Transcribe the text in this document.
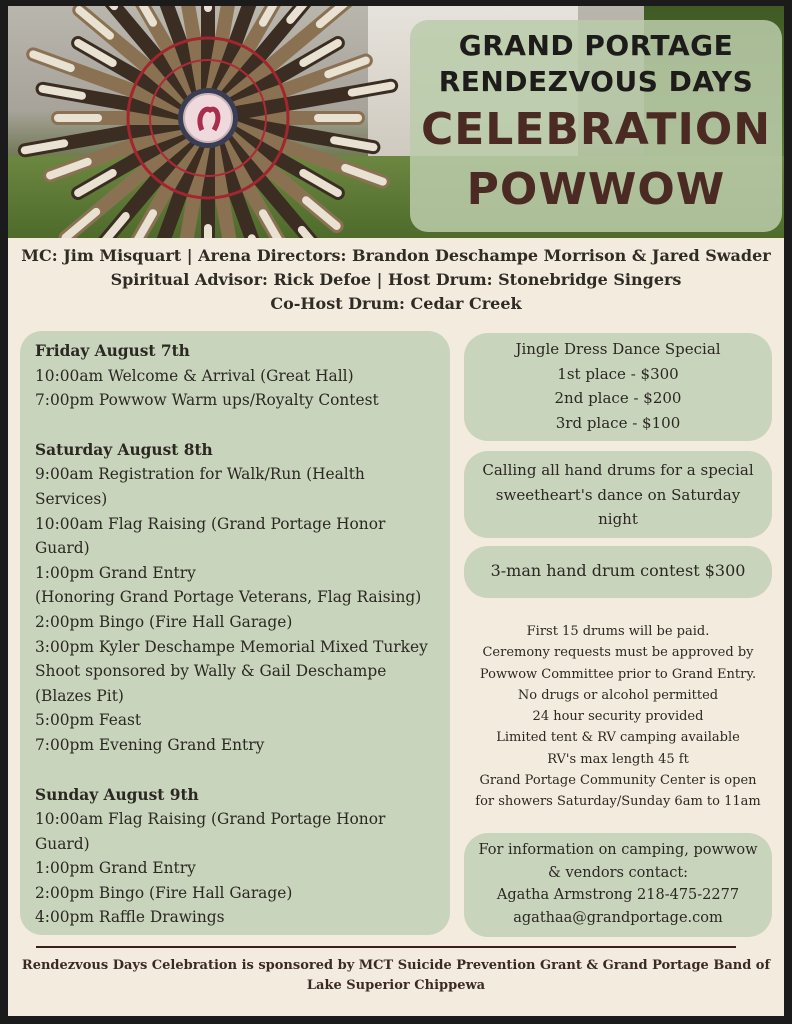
GRAND PORTAGE
RENDEZVOUS DAYS
CELEBRATION
POWWOW
MC: Jim Misquart | Arena Directors: Brandon Deschampe Morrison & Jared Swader
Spiritual Advisor: Rick Defoe | Host Drum: Stonebridge Singers
Co-Host Drum: Cedar Creek
Friday August 7th
10:00am Welcome & Arrival (Great Hall)
7:00pm Powwow Warm ups/Royalty Contest
Saturday August 8th
9:00am Registration for Walk/Run (Health Services)
10:00am Flag Raising (Grand Portage Honor Guard)
1:00pm Grand Entry
(Honoring Grand Portage Veterans, Flag Raising)
2:00pm Bingo (Fire Hall Garage)
3:00pm Kyler Deschampe Memorial Mixed Turkey Shoot sponsored by Wally & Gail Deschampe (Blazes Pit)
5:00pm Feast
7:00pm Evening Grand Entry
Sunday August 9th
10:00am Flag Raising (Grand Portage Honor Guard)
1:00pm Grand Entry
2:00pm Bingo (Fire Hall Garage)
4:00pm Raffle Drawings
Jingle Dress Dance Special
1st place - $300
2nd place - $200
3rd place - $100
Calling all hand drums for a special sweetheart's dance on Saturday night
3-man hand drum contest $300
First 15 drums will be paid.
Ceremony requests must be approved by
Powwow Committee prior to Grand Entry.
No drugs or alcohol permitted
24 hour security provided
Limited tent & RV camping available
RV's max length 45 ft
Grand Portage Community Center is open
for showers Saturday/Sunday 6am to 11am
For information on camping, powwow
& vendors contact:
Agatha Armstrong 218-475-2277
agathaa@grandportage.com
Rendezvous Days Celebration is sponsored by MCT Suicide Prevention Grant & Grand Portage Band of Lake Superior Chippewa
